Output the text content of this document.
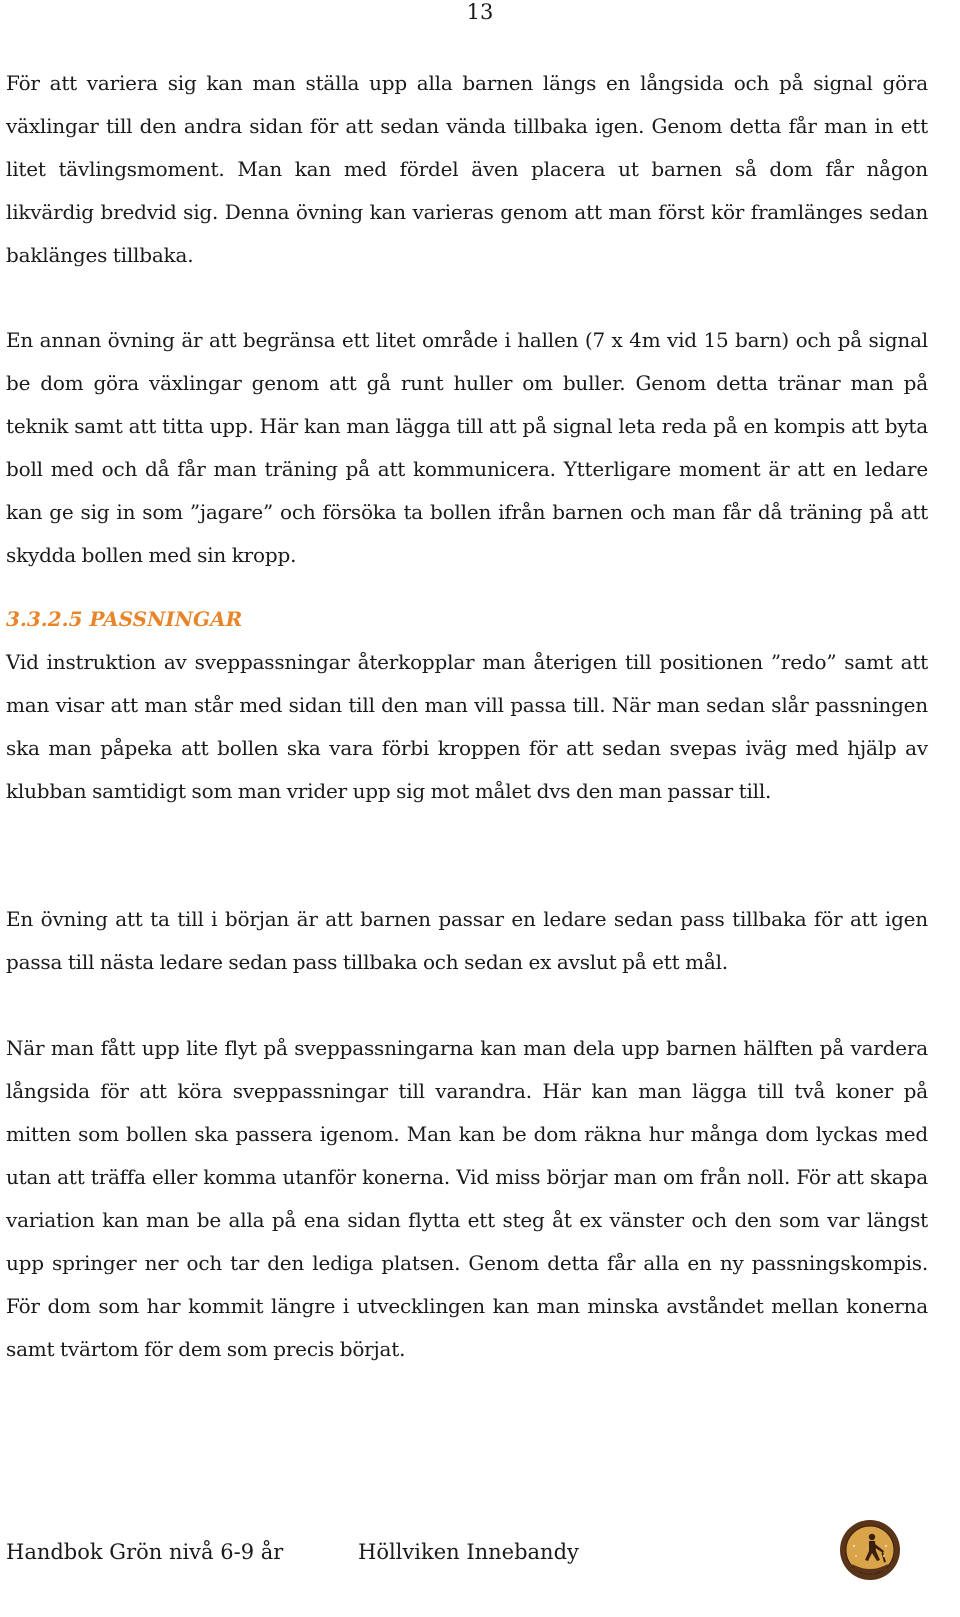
13

För att variera sig kan man ställa upp alla barnen längs en långsida och på signal göra växlingar till den andra sidan för att sedan vända tillbaka igen. Genom detta får man in ett litet tävlingsmoment. Man kan med fördel även placera ut barnen så dom får någon likvärdig bredvid sig. Denna övning kan varieras genom att man först kör framlänges sedan baklänges tillbaka.

En annan övning är att begränsa ett litet område i hallen (7 x 4m vid 15 barn) och på signal be dom göra växlingar genom att gå runt huller om buller. Genom detta tränar man på teknik samt att titta upp. Här kan man lägga till att på signal leta reda på en kompis att byta boll med och då får man träning på att kommunicera. Ytterligare moment är att en ledare kan ge sig in som ”jagare” och försöka ta bollen ifrån barnen och man får då träning på att skydda bollen med sin kropp.

3.3.2.5 PASSNINGAR

Vid instruktion av sveppassningar återkopplar man återigen till positionen ”redo” samt att man visar att man står med sidan till den man vill passa till. När man sedan slår passningen ska man påpeka att bollen ska vara förbi kroppen för att sedan svepas iväg med hjälp av klubban samtidigt som man vrider upp sig mot målet dvs den man passar till.

En övning att ta till i början är att barnen passar en ledare sedan pass tillbaka för att igen passa till nästa ledare sedan pass tillbaka och sedan ex avslut på ett mål.

När man fått upp lite flyt på sveppassningarna kan man dela upp barnen hälften på vardera långsida för att köra sveppassningar till varandra. Här kan man lägga till två koner på mitten som bollen ska passera igenom. Man kan be dom räkna hur många dom lyckas med utan att träffa eller komma utanför konerna. Vid miss börjar man om från noll. För att skapa variation kan man be alla på ena sidan flytta ett steg åt ex vänster och den som var längst upp springer ner och tar den lediga platsen. Genom detta får alla en ny passningskompis. För dom som har kommit längre i utvecklingen kan man minska avståndet mellan konerna samt tvärtom för dem som precis börjat.

Handbok Grön nivå 6-9 år	Höllviken Innebandy
